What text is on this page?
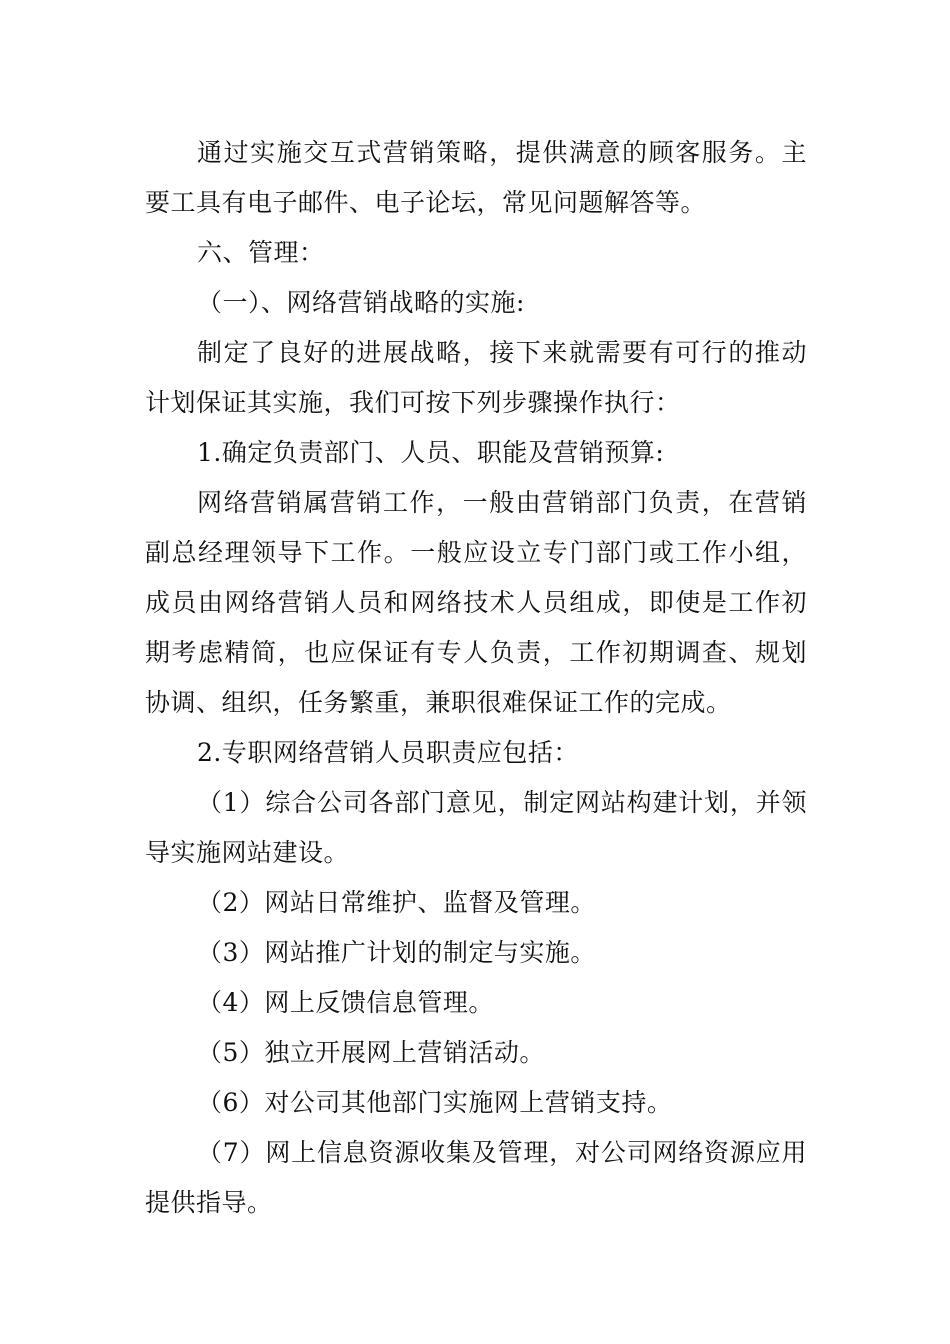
通过实施交互式营销策略，提供满意的顾客服务。主要工具有电子邮件、电子论坛，常见问题解答等。

六、管理：

（一）、网络营销战略的实施:

制定了良好的进展战略，接下来就需要有可行的推动计划保证其实施，我们可按下列步骤操作执行：

1.确定负责部门、人员、职能及营销预算:

网络营销属营销工作，一般由营销部门负责，在营销副总经理领导下工作。一般应设立专门部门或工作小组，成员由网络营销人员和网络技术人员组成，即使是工作初期考虑精简，也应保证有专人负责，工作初期调查、规划协调、组织，任务繁重，兼职很难保证工作的完成。

2.专职网络营销人员职责应包括：

（1）综合公司各部门意见，制定网站构建计划，并领导实施网站建设。

（2）网站日常维护、监督及管理。

（3）网站推广计划的制定与实施。

（4）网上反馈信息管理。

（5）独立开展网上营销活动。

（6）对公司其他部门实施网上营销支持。

（7）网上信息资源收集及管理，对公司网络资源应用提供指导。
